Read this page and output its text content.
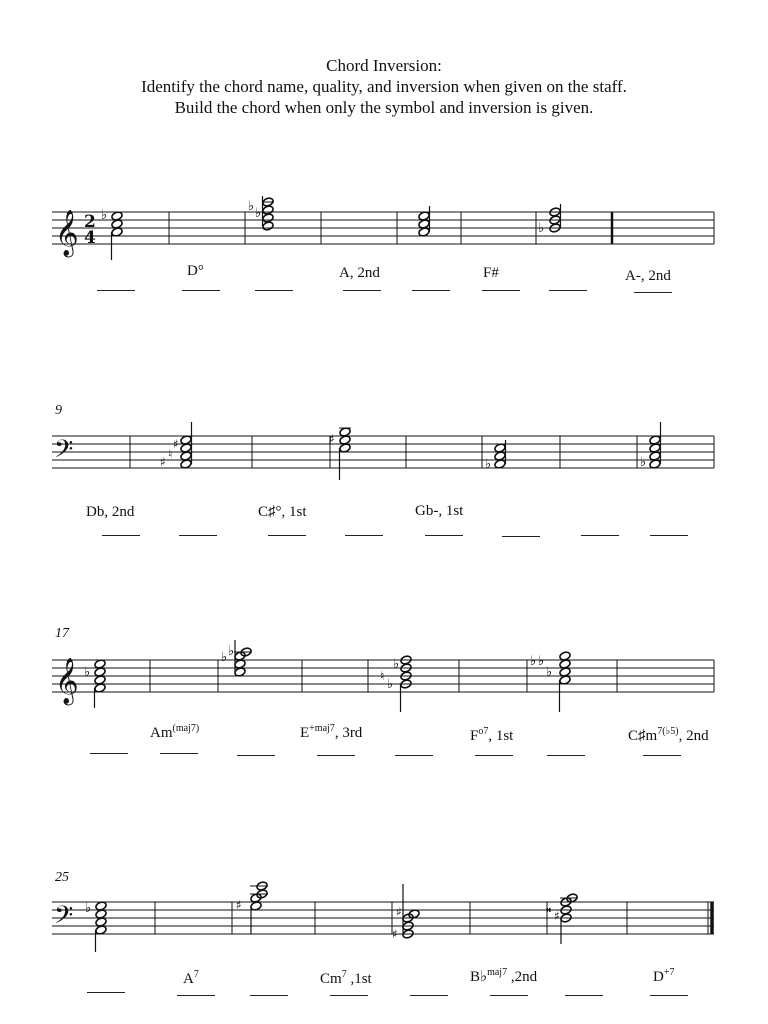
Chord Inversion:
Identify the chord name, quality, and inversion when given on the staff.
Build the chord when only the symbol and inversion is given.
𝄞 2
4
♭
♭ ♭
♭
𝄢	♯
♮
♯	♯
♭	♭
𝄞 ♭
♭ ♭
♮
♭
♭	♭ ♭
♭
𝄢 ♭	♯
♯
♯	𝄪
♯
9
17
25
D°	A, 2nd	F#	A-, 2nd
Db, 2nd	C♯°, 1st	Gb-, 1st
$Am^{(maj7)}$	$E^{+maj7}$, 3rd	$F^{o7}$, 1st	$C♯m^{7(♭5)}$, 2nd
$A^7$	Cm$^7$ ,1st	B♭$^{maj7}$ ,2nd	$D^{+7}$
